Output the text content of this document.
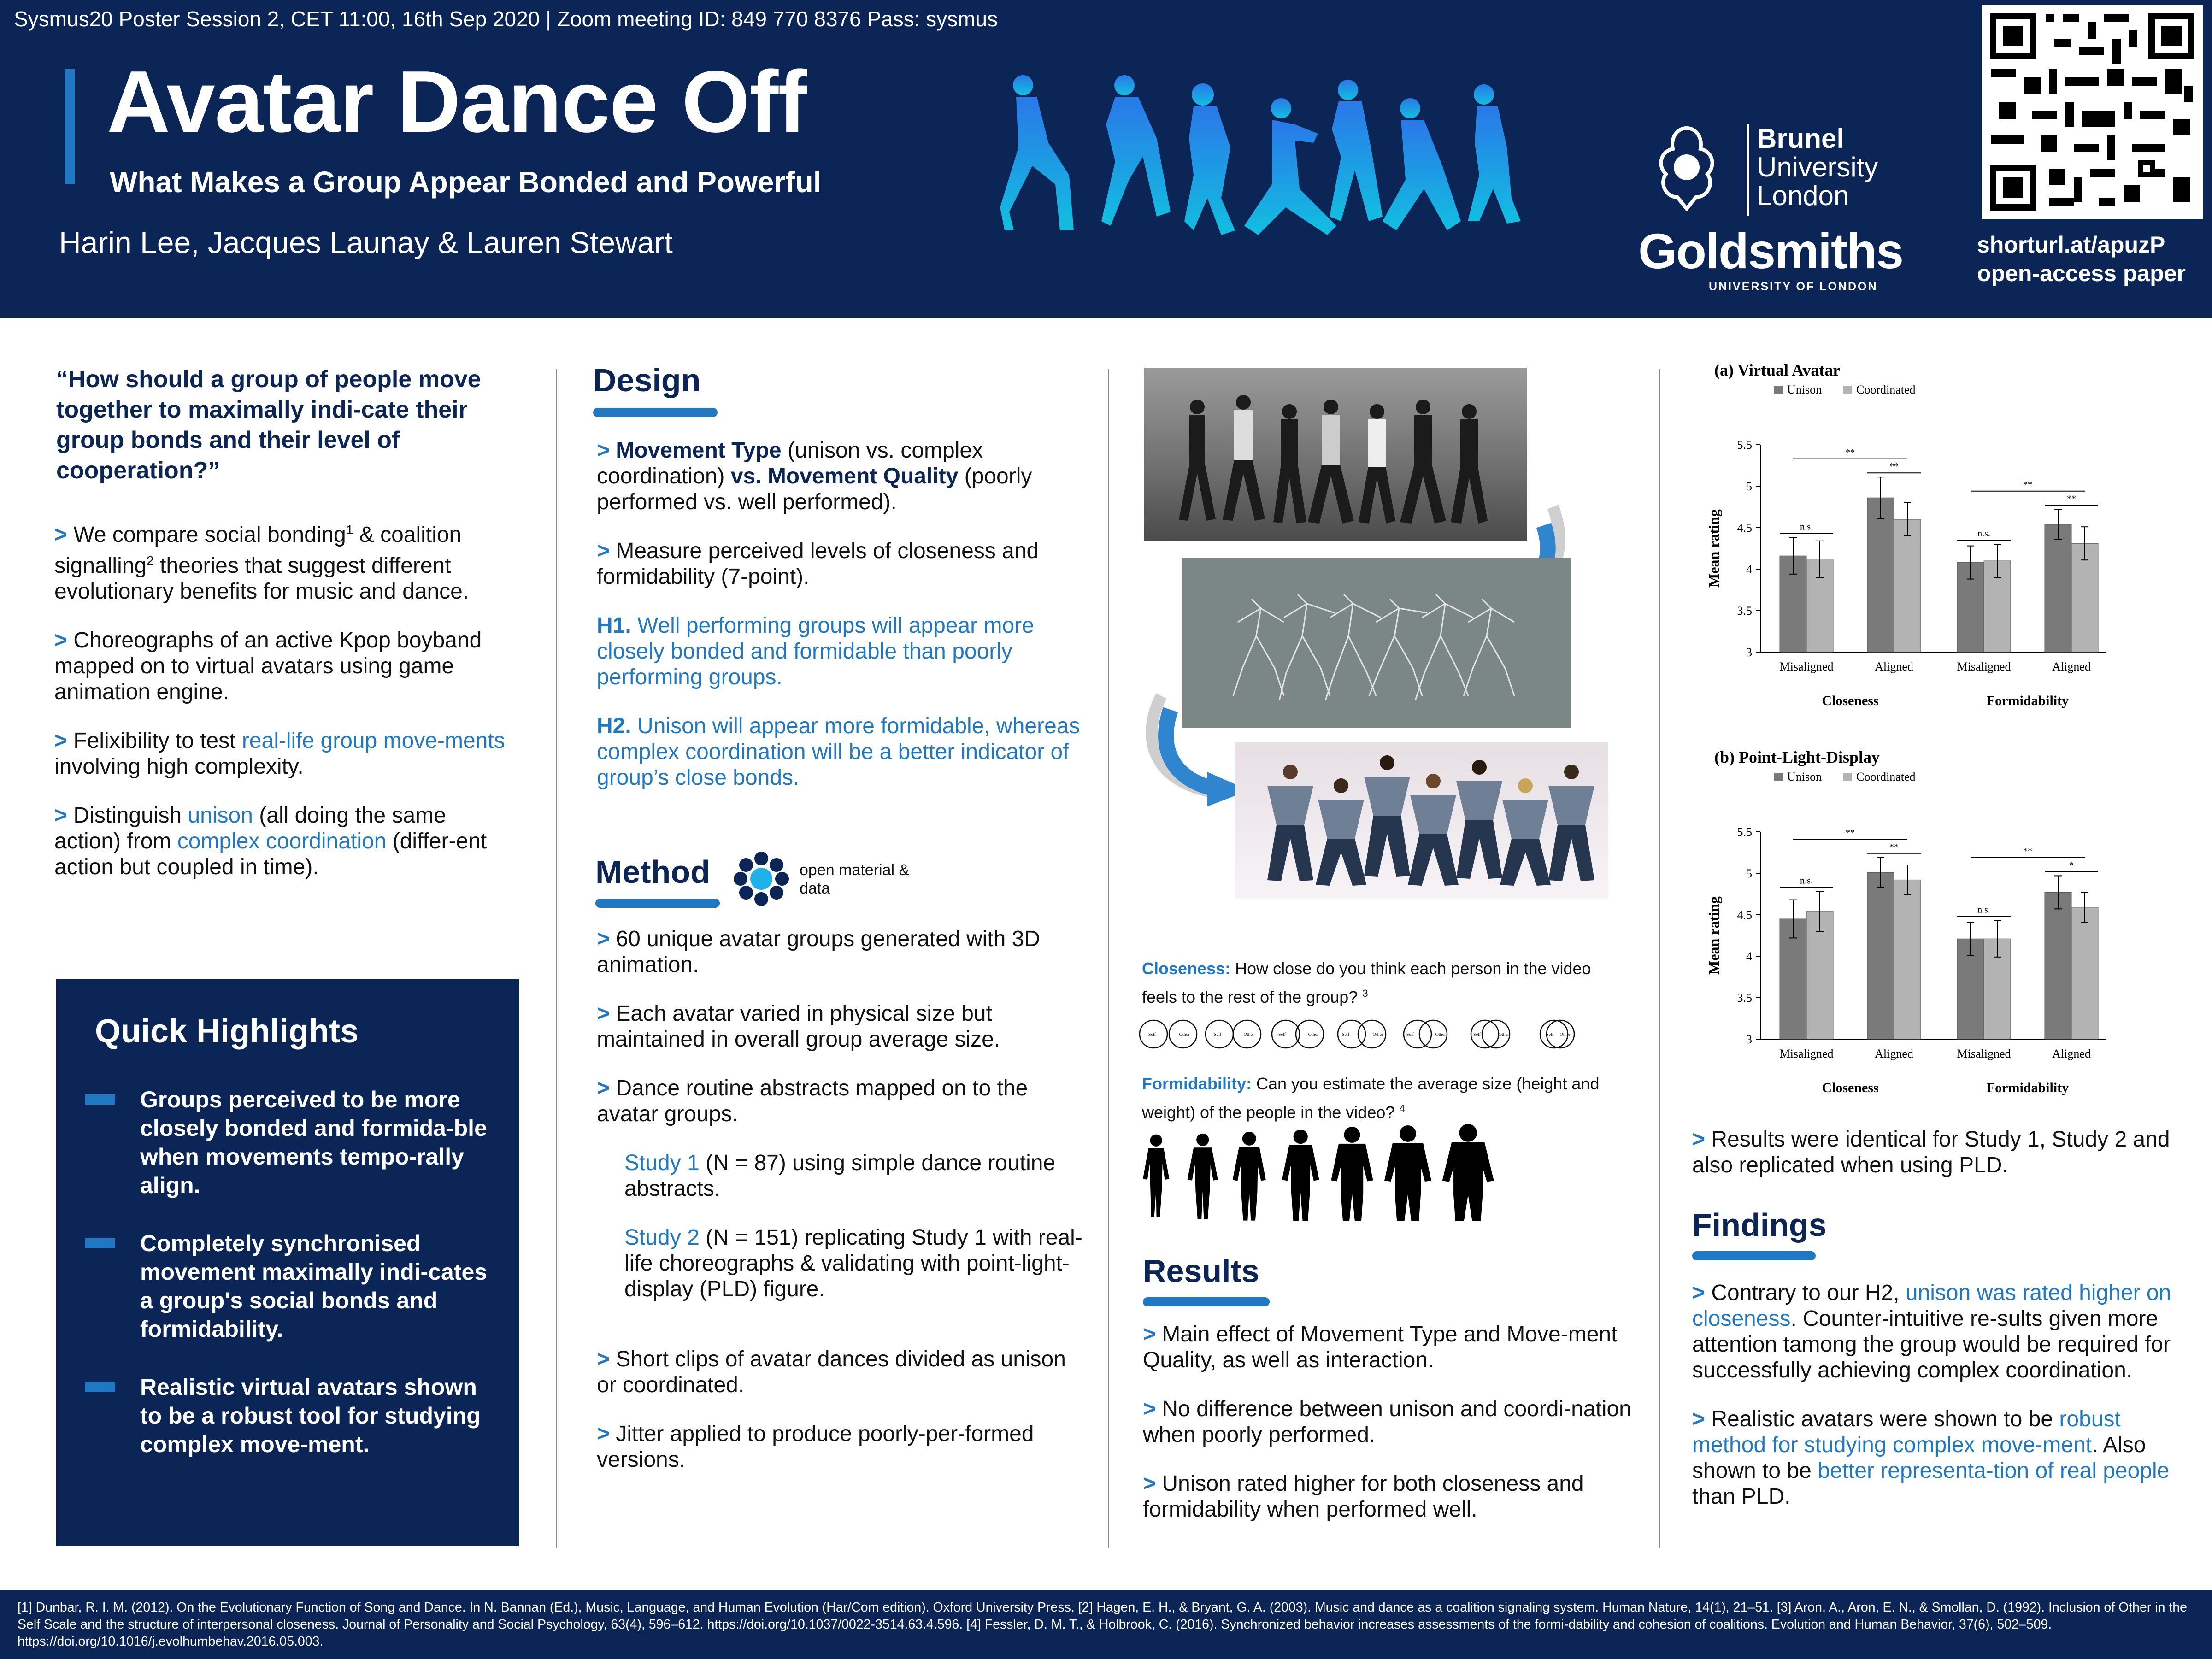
Sysmus20 Poster Session 2, CET 11:00, 16th Sep 2020 | Zoom meeting ID: 849 770 8376 Pass: sysmus
Avatar Dance Off
What Makes a Group Appear Bonded and Powerful
Harin Lee, Jacques Launay & Lauren Stewart
Brunel
University
London
Goldsmiths
UNIVERSITY OF LONDON
shorturl.at/apuzP
open-access paper
“How should a group of people move together to maximally indi-cate their group bonds and their level of cooperation?”

> We compare social bonding$^1$ & coalition signalling$^2$ theories that suggest different evolutionary benefits for music and dance.

> Choreographs of an active Kpop boyband mapped on to virtual avatars using game animation engine.

> Felixibility to test real-life group move-ments involving high complexity.

> Distinguish unison (all doing the same action) from complex coordination (differ-ent action but coupled in time).

Quick Highlights
Groups perceived to be more closely bonded and formida-ble when movements tempo-rally align.
Completely synchronised movement maximally indi-cates a group's social bonds and formidability.
Realistic virtual avatars shown to be a robust tool for studying complex move-ment.
Design

> Movement Type (unison vs. complex coordination) vs. Movement Quality (poorly performed vs. well performed).

> Measure perceived levels of closeness and formidability (7-point).

H1. Well performing groups will appear more closely bonded and formidable than poorly performing groups.

H2. Unison will appear more formidable, whereas complex coordination will be a better indicator of group’s close bonds.

Method	open material & data

> 60 unique avatar groups generated with 3D animation.

> Each avatar varied in physical size but maintained in overall group average size.

> Dance routine abstracts mapped on to the avatar groups.

Study 1 (N = 87) using simple dance routine abstracts.

Study 2 (N = 151) replicating Study 1 with real-life choreographs & validating with point-light-display (PLD) figure.

> Short clips of avatar dances divided as unison or coordinated.

> Jitter applied to produce poorly-per-formed versions.

Closeness: How close do you think each person in the video feels to the rest of the group? $^3$
Self	Other	Self	Other	Self	Other	Self	Other	Self	Other	Self	Other	Self Other
Formidability: Can you estimate the average size (height and weight) of the people in the video? $^4$
Results

> Main effect of Movement Type and Move-ment Quality, as well as interaction.

> No difference between unison and coordi-nation when poorly performed.

> Unison rated higher for both closeness and formidability when performed well.

(a) Virtual Avatar
Unison	Coordinated
3
3.5
4
4.5
5
5.5
Mean rating
Misaligned	Aligned	Misaligned	Aligned
Closeness	Formidability
n.s.
**
**
n.s.
**
**
(b) Point-Light-Display
Unison	Coordinated
3
3.5
4
4.5
5
5.5
Mean rating
Misaligned	Aligned	Misaligned	Aligned
Closeness	Formidability
n.s.
**
**
n.s.
*
**

> Results were identical for Study 1, Study 2 and also replicated when using PLD.

Findings

> Contrary to our H2, unison was rated higher on closeness. Counter-intuitive re-sults given more attention tamong the group would be required for successfully achieving complex coordination.

> Realistic avatars were shown to be robust method for studying complex move-ment. Also shown to be better representa-tion of real people than PLD.

[1] Dunbar, R. I. M. (2012). On the Evolutionary Function of Song and Dance. In N. Bannan (Ed.), Music, Language, and Human Evolution (Har/Com edition). Oxford University Press. [2] Hagen, E. H., & Bryant, G. A. (2003). Music and dance as a coalition signaling system. Human Nature, 14(1), 21–51. [3] Aron, A., Aron, E. N., & Smollan, D. (1992). Inclusion of Other in the Self Scale and the structure of interpersonal closeness. Journal of Personality and Social Psychology, 63(4), 596–612. https://doi.org/10.1037/0022-3514.63.4.596. [4] Fessler, D. M. T., & Holbrook, C. (2016). Synchronized behavior increases assessments of the formi-dability and cohesion of coalitions. Evolution and Human Behavior, 37(6), 502–509. https://doi.org/10.1016/j.evolhumbehav.2016.05.003.
